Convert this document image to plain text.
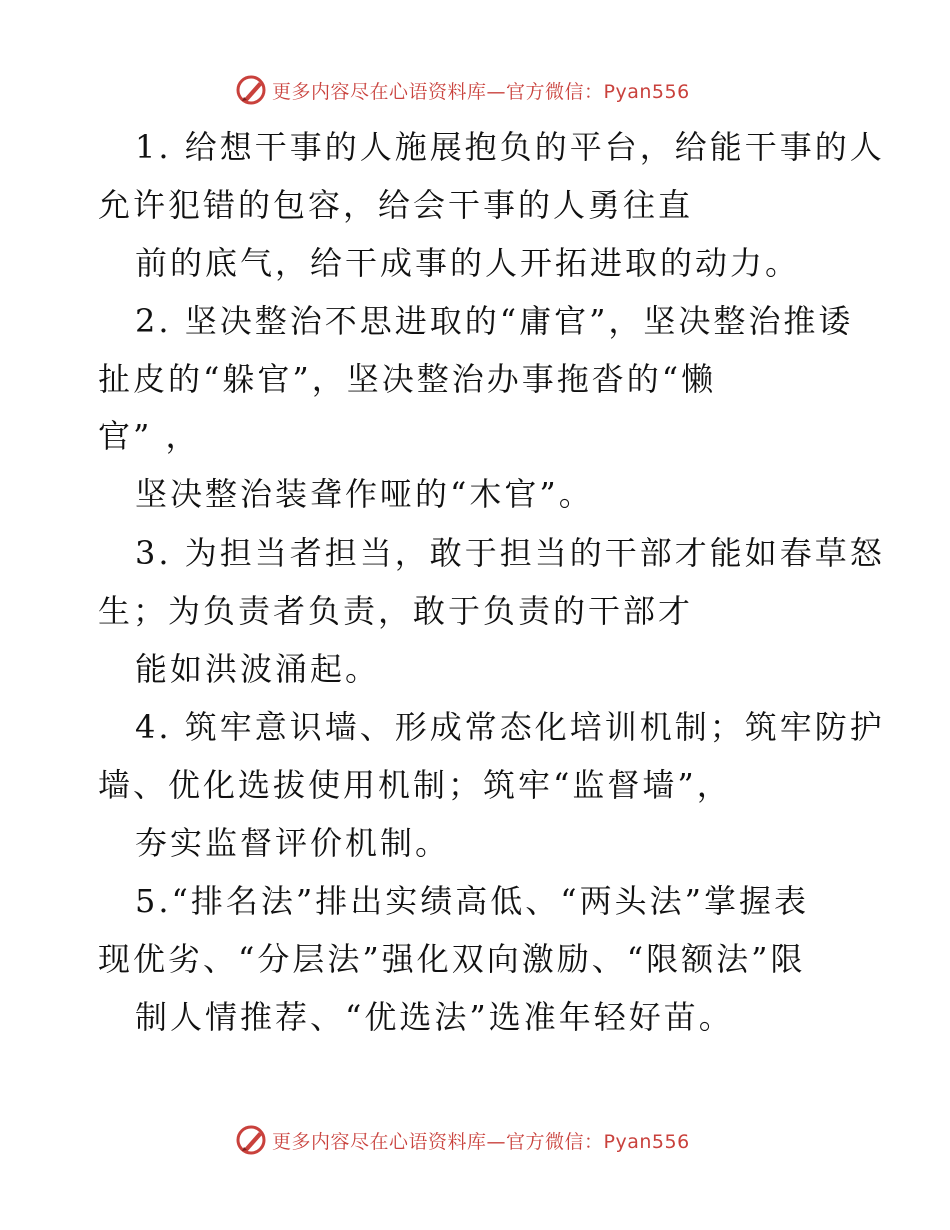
更多内容尽在心语资料库—官方微信：Pyan556
1. 给想干事的人施展抱负的平台，给能干事的人
允许犯错的包容，给会干事的人勇往直
前的底气，给干成事的人开拓进取的动力。
2. 坚决整治不思进取的“庸官”，坚决整治推诿
扯皮的“躲官”，坚决整治办事拖沓的“懒
官” ，
坚决整治装聋作哑的“木官”。
3. 为担当者担当，敢于担当的干部才能如春草怒
生；为负责者负责，敢于负责的干部才
能如洪波涌起。
4. 筑牢意识墙、形成常态化培训机制；筑牢防护
墙、优化选拔使用机制；筑牢“监督墙”，
夯实监督评价机制。
5.“排名法”排出实绩高低、“两头法”掌握表
现优劣、“分层法”强化双向激励、“限额法”限
制人情推荐、“优选法”选准年轻好苗。
更多内容尽在心语资料库—官方微信：Pyan556
